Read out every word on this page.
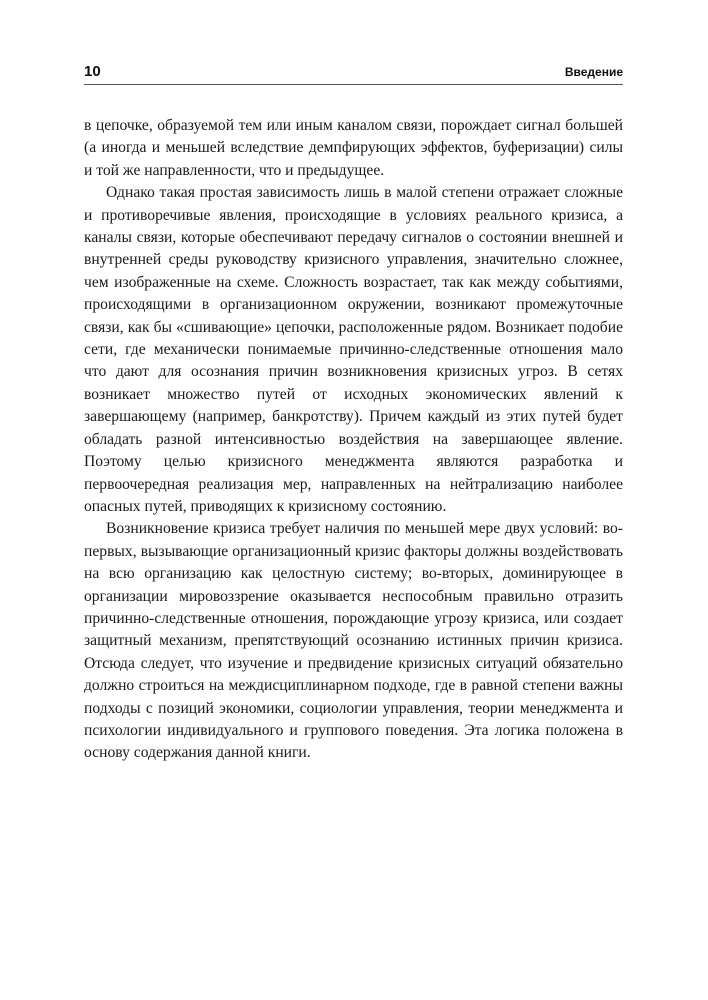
10	Введение

в цепочке, образуемой тем или иным каналом связи, порождает сигнал большей (а иногда и меньшей вследствие демпфирующих эффектов, буферизации) силы и той же направленности, что и предыдущее.

Однако такая простая зависимость лишь в малой степени отражает сложные и противоречивые явления, происходящие в условиях реального кризиса, а каналы связи, которые обеспечивают передачу сигналов о состоянии внешней и внутренней среды руководству кризисного управления, значительно сложнее, чем изображенные на схеме. Сложность возрастает, так как между событиями, происходящими в организационном окружении, возникают промежуточные связи, как бы «сшивающие» цепочки, расположенные рядом. Возникает подобие сети, где механически понимаемые причинно-следственные отношения мало что дают для осознания причин возникновения кризисных угроз. В сетях возникает множество путей от исходных экономических явлений к завершающему (например, банкротству). Причем каждый из этих путей будет обладать разной интенсивностью воздействия на завершающее явление. Поэтому целью кризисного менеджмента являются разработка и первоочередная реализация мер, направленных на нейтрализацию наиболее опасных путей, приводящих к кризисному состоянию.

Возникновение кризиса требует наличия по меньшей мере двух условий: во-первых, вызывающие организационный кризис факторы должны воздействовать на всю организацию как целостную систему; во-вторых, доминирующее в организации мировоззрение оказывается неспособным правильно отразить причинно-следственные отношения, порождающие угрозу кризиса, или создает защитный механизм, препятствующий осознанию истинных причин кризиса. Отсюда следует, что изучение и предвидение кризисных ситуаций обязательно должно строиться на междисциплинарном подходе, где в равной степени важны подходы с позиций экономики, социологии управления, теории менеджмента и психологии индивидуального и группового поведения. Эта логика положена в основу содержания данной книги.
